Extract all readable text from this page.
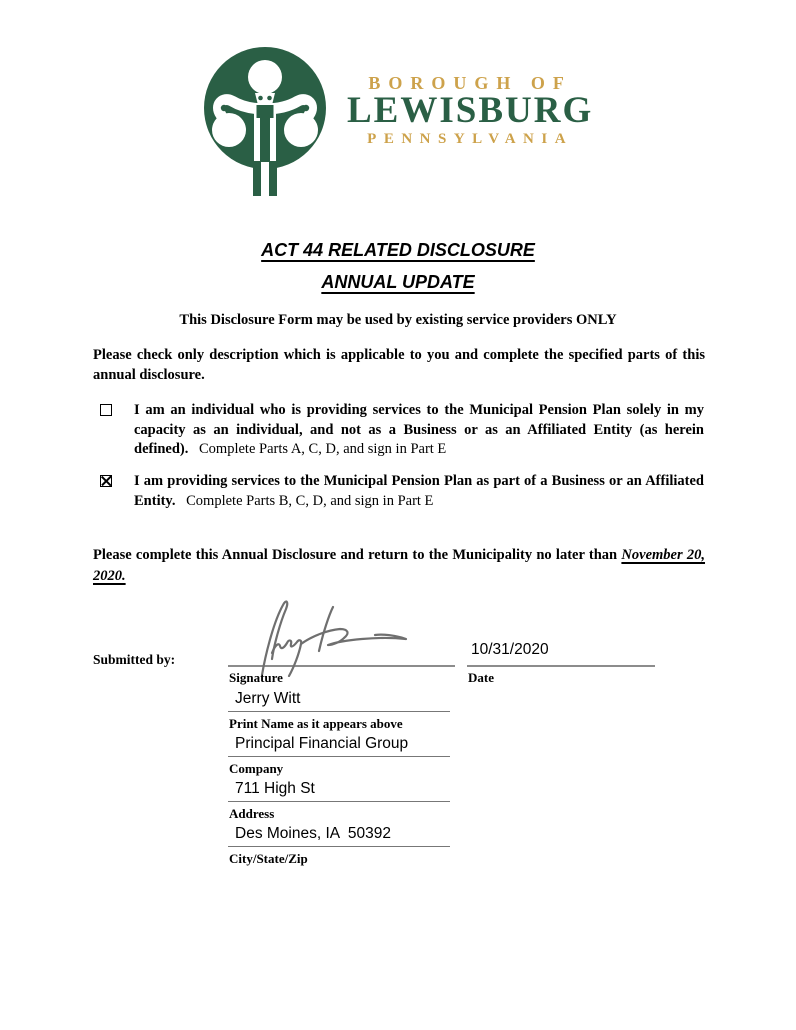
BOROUGH OF
LEWISBURG
PENNSYLVANIA
ACT 44 RELATED DISCLOSURE
ANNUAL UPDATE
This Disclosure Form may be used by existing service providers ONLY
Please check only description which is applicable to you and complete the specified parts of this annual disclosure.
I am an individual who is providing services to the Municipal Pension Plan solely in my capacity as an individual, and not as a Business or as an Affiliated Entity (as herein defined). Complete Parts A, C, D, and sign in Part E
I am providing services to the Municipal Pension Plan as part of a Business or an Affiliated Entity. Complete Parts B, C, D, and sign in Part E
Please complete this Annual Disclosure and return to the Municipality no later than November 20, 2020.
Submitted by:
Signature
10/31/2020
Date
Jerry Witt
Print Name as it appears above
Principal Financial Group
Company
711 High St
Address
Des Moines, IA  50392
City/State/Zip
